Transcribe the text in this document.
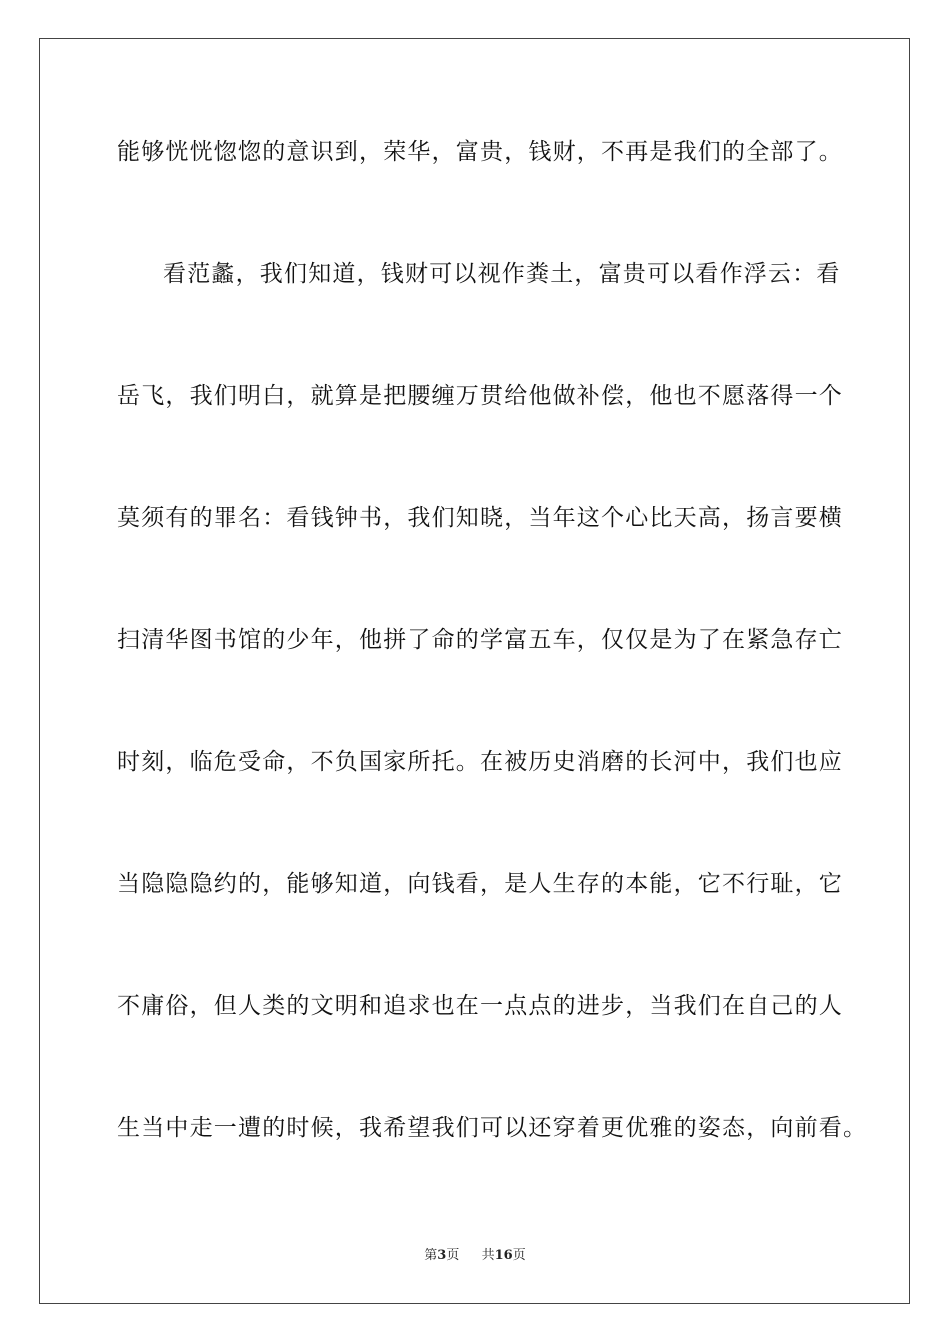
能够恍恍惚惚的意识到，荣华，富贵，钱财，不再是我们的全部了。
看范蠡，我们知道，钱财可以视作粪土，富贵可以看作浮云：看
岳飞，我们明白，就算是把腰缠万贯给他做补偿，他也不愿落得一个
莫须有的罪名：看钱钟书，我们知晓，当年这个心比天高，扬言要横
扫清华图书馆的少年，他拼了命的学富五车，仅仅是为了在紧急存亡
时刻，临危受命，不负国家所托。在被历史消磨的长河中，我们也应
当隐隐隐约的，能够知道，向钱看，是人生存的本能，它不行耻，它
不庸俗，但人类的文明和追求也在一点点的进步，当我们在自己的人
生当中走一遭的时候，我希望我们可以还穿着更优雅的姿态，向前看。
第3页 共16页
